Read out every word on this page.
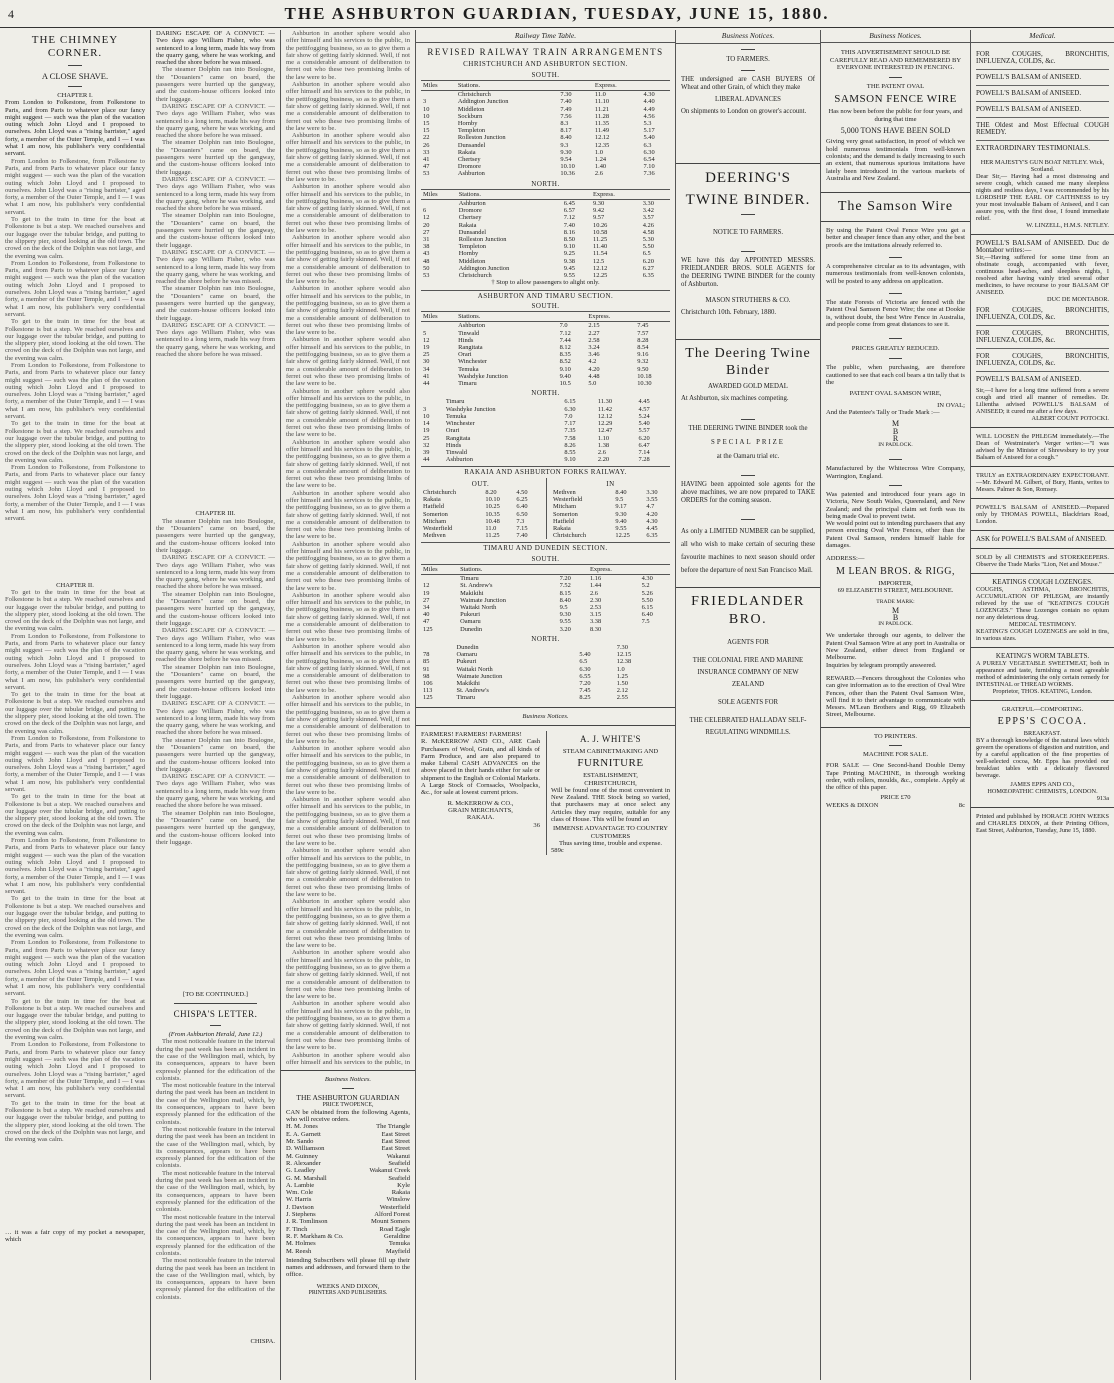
4	THE ASHBURTON GUARDIAN, TUESDAY, JUNE 15, 1880.
THE CHIMNEY CORNER.
A CLOSE SHAVE.
CHAPTER I.

From London to Folkestone, from Folkestone to Paris, and from Paris to whatever place our fancy might suggest — such was the plan of the vacation outing which John Lloyd and I proposed to ourselves. John Lloyd was a "rising barrister," aged forty, a member of the Outer Temple, and I — I was what I am now, his publisher's very confidential servant.

From London to Folkestone, from Folkestone to Paris, and from Paris to whatever place our fancy might suggest — such was the plan of the vacation outing which John Lloyd and I proposed to ourselves. John Lloyd was a "rising barrister," aged forty, a member of the Outer Temple, and I — I was what I am now, his publisher's very confidential servant.

To get to the train in time for the boat at Folkestone is but a step. We reached ourselves and our luggage over the tubular bridge, and putting to the slippery pier, stood looking at the old town. The crowd on the deck of the Dolphin was not large, and the evening was calm.

From London to Folkestone, from Folkestone to Paris, and from Paris to whatever place our fancy might suggest — such was the plan of the vacation outing which John Lloyd and I proposed to ourselves. John Lloyd was a "rising barrister," aged forty, a member of the Outer Temple, and I — I was what I am now, his publisher's very confidential servant.

To get to the train in time for the boat at Folkestone is but a step. We reached ourselves and our luggage over the tubular bridge, and putting to the slippery pier, stood looking at the old town. The crowd on the deck of the Dolphin was not large, and the evening was calm.

From London to Folkestone, from Folkestone to Paris, and from Paris to whatever place our fancy might suggest — such was the plan of the vacation outing which John Lloyd and I proposed to ourselves. John Lloyd was a "rising barrister," aged forty, a member of the Outer Temple, and I — I was what I am now, his publisher's very confidential servant.

To get to the train in time for the boat at Folkestone is but a step. We reached ourselves and our luggage over the tubular bridge, and putting to the slippery pier, stood looking at the old town. The crowd on the deck of the Dolphin was not large, and the evening was calm.

From London to Folkestone, from Folkestone to Paris, and from Paris to whatever place our fancy might suggest — such was the plan of the vacation outing which John Lloyd and I proposed to ourselves. John Lloyd was a "rising barrister," aged forty, a member of the Outer Temple, and I — I was what I am now, his publisher's very confidential servant.

CHAPTER II.

To get to the train in time for the boat at Folkestone is but a step. We reached ourselves and our luggage over the tubular bridge, and putting to the slippery pier, stood looking at the old town. The crowd on the deck of the Dolphin was not large, and the evening was calm.

From London to Folkestone, from Folkestone to Paris, and from Paris to whatever place our fancy might suggest — such was the plan of the vacation outing which John Lloyd and I proposed to ourselves. John Lloyd was a "rising barrister," aged forty, a member of the Outer Temple, and I — I was what I am now, his publisher's very confidential servant.

To get to the train in time for the boat at Folkestone is but a step. We reached ourselves and our luggage over the tubular bridge, and putting to the slippery pier, stood looking at the old town. The crowd on the deck of the Dolphin was not large, and the evening was calm.

From London to Folkestone, from Folkestone to Paris, and from Paris to whatever place our fancy might suggest — such was the plan of the vacation outing which John Lloyd and I proposed to ourselves. John Lloyd was a "rising barrister," aged forty, a member of the Outer Temple, and I — I was what I am now, his publisher's very confidential servant.

To get to the train in time for the boat at Folkestone is but a step. We reached ourselves and our luggage over the tubular bridge, and putting to the slippery pier, stood looking at the old town. The crowd on the deck of the Dolphin was not large, and the evening was calm.

From London to Folkestone, from Folkestone to Paris, and from Paris to whatever place our fancy might suggest — such was the plan of the vacation outing which John Lloyd and I proposed to ourselves. John Lloyd was a "rising barrister," aged forty, a member of the Outer Temple, and I — I was what I am now, his publisher's very confidential servant.

To get to the train in time for the boat at Folkestone is but a step. We reached ourselves and our luggage over the tubular bridge, and putting to the slippery pier, stood looking at the old town. The crowd on the deck of the Dolphin was not large, and the evening was calm.

From London to Folkestone, from Folkestone to Paris, and from Paris to whatever place our fancy might suggest — such was the plan of the vacation outing which John Lloyd and I proposed to ourselves. John Lloyd was a "rising barrister," aged forty, a member of the Outer Temple, and I — I was what I am now, his publisher's very confidential servant.

To get to the train in time for the boat at Folkestone is but a step. We reached ourselves and our luggage over the tubular bridge, and putting to the slippery pier, stood looking at the old town. The crowd on the deck of the Dolphin was not large, and the evening was calm.

From London to Folkestone, from Folkestone to Paris, and from Paris to whatever place our fancy might suggest — such was the plan of the vacation outing which John Lloyd and I proposed to ourselves. John Lloyd was a "rising barrister," aged forty, a member of the Outer Temple, and I — I was what I am now, his publisher's very confidential servant.

To get to the train in time for the boat at Folkestone is but a step. We reached ourselves and our luggage over the tubular bridge, and putting to the slippery pier, stood looking at the old town. The crowd on the deck of the Dolphin was not large, and the evening was calm.

… it was a fair copy of my pocket a newspaper, which

DARING ESCAPE OF A CONVICT. — Two days ago William Fisher, who was sentenced to a long term, made his way from the quarry gang, where he was working, and reached the shore before he was missed.

The steamer Dolphin ran into Boulogne, the "Douaniers" came on board, the passengers were hurried up the gangway, and the custom-house officers looked into their luggage.

DARING ESCAPE OF A CONVICT. — Two days ago William Fisher, who was sentenced to a long term, made his way from the quarry gang, where he was working, and reached the shore before he was missed.

The steamer Dolphin ran into Boulogne, the "Douaniers" came on board, the passengers were hurried up the gangway, and the custom-house officers looked into their luggage.

DARING ESCAPE OF A CONVICT. — Two days ago William Fisher, who was sentenced to a long term, made his way from the quarry gang, where he was working, and reached the shore before he was missed.

The steamer Dolphin ran into Boulogne, the "Douaniers" came on board, the passengers were hurried up the gangway, and the custom-house officers looked into their luggage.

DARING ESCAPE OF A CONVICT. — Two days ago William Fisher, who was sentenced to a long term, made his way from the quarry gang, where he was working, and reached the shore before he was missed.

The steamer Dolphin ran into Boulogne, the "Douaniers" came on board, the passengers were hurried up the gangway, and the custom-house officers looked into their luggage.

DARING ESCAPE OF A CONVICT. — Two days ago William Fisher, who was sentenced to a long term, made his way from the quarry gang, where he was working, and reached the shore before he was missed.

CHAPTER III.

The steamer Dolphin ran into Boulogne, the "Douaniers" came on board, the passengers were hurried up the gangway, and the custom-house officers looked into their luggage.

DARING ESCAPE OF A CONVICT. — Two days ago William Fisher, who was sentenced to a long term, made his way from the quarry gang, where he was working, and reached the shore before he was missed.

The steamer Dolphin ran into Boulogne, the "Douaniers" came on board, the passengers were hurried up the gangway, and the custom-house officers looked into their luggage.

DARING ESCAPE OF A CONVICT. — Two days ago William Fisher, who was sentenced to a long term, made his way from the quarry gang, where he was working, and reached the shore before he was missed.

The steamer Dolphin ran into Boulogne, the "Douaniers" came on board, the passengers were hurried up the gangway, and the custom-house officers looked into their luggage.

DARING ESCAPE OF A CONVICT. — Two days ago William Fisher, who was sentenced to a long term, made his way from the quarry gang, where he was working, and reached the shore before he was missed.

The steamer Dolphin ran into Boulogne, the "Douaniers" came on board, the passengers were hurried up the gangway, and the custom-house officers looked into their luggage.

DARING ESCAPE OF A CONVICT. — Two days ago William Fisher, who was sentenced to a long term, made his way from the quarry gang, where he was working, and reached the shore before he was missed.

The steamer Dolphin ran into Boulogne, the "Douaniers" came on board, the passengers were hurried up the gangway, and the custom-house officers looked into their luggage.

[TO BE CONTINUED.]
CHISPA'S LETTER.
(From Ashburton Herald, June 12.)

The most noticeable feature in the interval during the past week has been an incident in the case of the Wellington mail, which, by its consequences, appears to have been expressly planned for the edification of the colonists.

The most noticeable feature in the interval during the past week has been an incident in the case of the Wellington mail, which, by its consequences, appears to have been expressly planned for the edification of the colonists.

The most noticeable feature in the interval during the past week has been an incident in the case of the Wellington mail, which, by its consequences, appears to have been expressly planned for the edification of the colonists.

The most noticeable feature in the interval during the past week has been an incident in the case of the Wellington mail, which, by its consequences, appears to have been expressly planned for the edification of the colonists.

The most noticeable feature in the interval during the past week has been an incident in the case of the Wellington mail, which, by its consequences, appears to have been expressly planned for the edification of the colonists.

The most noticeable feature in the interval during the past week has been an incident in the case of the Wellington mail, which, by its consequences, appears to have been expressly planned for the edification of the colonists.

CHISPA.

Ashburton in another sphere would also offer himself and his services to the public, in the pettifogging business, so as to give them a fair show of getting fairly skinned. Well, if not me a considerable amount of deliberation to ferret out who these two promising limbs of the law were to be.

Ashburton in another sphere would also offer himself and his services to the public, in the pettifogging business, so as to give them a fair show of getting fairly skinned. Well, if not me a considerable amount of deliberation to ferret out who these two promising limbs of the law were to be.

Ashburton in another sphere would also offer himself and his services to the public, in the pettifogging business, so as to give them a fair show of getting fairly skinned. Well, if not me a considerable amount of deliberation to ferret out who these two promising limbs of the law were to be.

Ashburton in another sphere would also offer himself and his services to the public, in the pettifogging business, so as to give them a fair show of getting fairly skinned. Well, if not me a considerable amount of deliberation to ferret out who these two promising limbs of the law were to be.

Ashburton in another sphere would also offer himself and his services to the public, in the pettifogging business, so as to give them a fair show of getting fairly skinned. Well, if not me a considerable amount of deliberation to ferret out who these two promising limbs of the law were to be.

Ashburton in another sphere would also offer himself and his services to the public, in the pettifogging business, so as to give them a fair show of getting fairly skinned. Well, if not me a considerable amount of deliberation to ferret out who these two promising limbs of the law were to be.

Ashburton in another sphere would also offer himself and his services to the public, in the pettifogging business, so as to give them a fair show of getting fairly skinned. Well, if not me a considerable amount of deliberation to ferret out who these two promising limbs of the law were to be.

Ashburton in another sphere would also offer himself and his services to the public, in the pettifogging business, so as to give them a fair show of getting fairly skinned. Well, if not me a considerable amount of deliberation to ferret out who these two promising limbs of the law were to be.

Ashburton in another sphere would also offer himself and his services to the public, in the pettifogging business, so as to give them a fair show of getting fairly skinned. Well, if not me a considerable amount of deliberation to ferret out who these two promising limbs of the law were to be.

Ashburton in another sphere would also offer himself and his services to the public, in the pettifogging business, so as to give them a fair show of getting fairly skinned. Well, if not me a considerable amount of deliberation to ferret out who these two promising limbs of the law were to be.

Ashburton in another sphere would also offer himself and his services to the public, in the pettifogging business, so as to give them a fair show of getting fairly skinned. Well, if not me a considerable amount of deliberation to ferret out who these two promising limbs of the law were to be.

Ashburton in another sphere would also offer himself and his services to the public, in the pettifogging business, so as to give them a fair show of getting fairly skinned. Well, if not me a considerable amount of deliberation to ferret out who these two promising limbs of the law were to be.

Ashburton in another sphere would also offer himself and his services to the public, in the pettifogging business, so as to give them a fair show of getting fairly skinned. Well, if not me a considerable amount of deliberation to ferret out who these two promising limbs of the law were to be.

Ashburton in another sphere would also offer himself and his services to the public, in the pettifogging business, so as to give them a fair show of getting fairly skinned. Well, if not me a considerable amount of deliberation to ferret out who these two promising limbs of the law were to be.

Ashburton in another sphere would also offer himself and his services to the public, in the pettifogging business, so as to give them a fair show of getting fairly skinned. Well, if not me a considerable amount of deliberation to ferret out who these two promising limbs of the law were to be.

Ashburton in another sphere would also offer himself and his services to the public, in the pettifogging business, so as to give them a fair show of getting fairly skinned. Well, if not me a considerable amount of deliberation to ferret out who these two promising limbs of the law were to be.

Ashburton in another sphere would also offer himself and his services to the public, in the pettifogging business, so as to give them a fair show of getting fairly skinned. Well, if not me a considerable amount of deliberation to ferret out who these two promising limbs of the law were to be.

Ashburton in another sphere would also offer himself and his services to the public, in the pettifogging business, so as to give them a fair show of getting fairly skinned. Well, if not me a considerable amount of deliberation to ferret out who these two promising limbs of the law were to be.

Ashburton in another sphere would also offer himself and his services to the public, in the pettifogging business, so as to give them a fair show of getting fairly skinned. Well, if not me a considerable amount of deliberation to ferret out who these two promising limbs of the law were to be.

Ashburton in another sphere would also offer himself and his services to the public, in the pettifogging business, so as to give them a fair show of getting fairly skinned. Well, if not me a considerable amount of deliberation to ferret out who these two promising limbs of the law were to be.

Ashburton in another sphere would also offer himself and his services to the public, in

Business Notices.
THE ASHBURTON GUARDIAN
PRICE TWOPENCE,

CAN be obtained from the following Agents, who will receive orders.

H. M. Jones	The Triangle
E. A. Garnett	East Street
Mr. Sando	East Street
D. Williamson	East Street
M. Guinney	Wakanui
R. Alexander	Seafield
G. Leadley	Wakanui Creek
G. M. Marshall	Seafield
A. Lambie	Kyle
Wm. Cole	Rakaia
W. Harris	Winslow
J. Davison	Westerfield
J. Stephens	Alford Forest
J. R. Tomlinson	Mount Somers
F. Tinch	Road Eagle
R. F. Markham & Co.	Geraldine
M. Holmes	Temuka
M. Reesh	Mayfield

Intending Subscribers will please fill up their names and addresses, and forward them to the office.

WEEKS AND DIXON,
PRINTERS AND PUBLISHERS.
Railway Time Table.
REVISED RAILWAY TRAIN ARRANGEMENTS
CHRISTCHURCH AND ASHBURTON SECTION.
SOUTH.
Miles	Stations.		Express.	
	Christchurch	7.30	11.0	4.30
3	Addington Junction	7.40	11.10	4.40
10	Middleton	7.49	11.21	4.49
10	Sockburn	7.56	11.28	4.56
15	Hornby	8.3	11.35	5.3
15	Templeton	8.17	11.49	5.17
22	Rolleston Junction	8.40	12.12	5.40
26	Dunsandel	9.3	12.35	6.3
33	Rakaia	9.30	1.0	6.30
41	Chertsey	9.54	1.24	6.54
47	Dromore	10.10	1.40	7.10
53	Ashburton	10.36	2.6	7.36
NORTH.
Miles	Stations.		Express.	
	Ashburton	6.45	9.30	3.30
6	Dromore	6.57	9.42	3.42
12	Chertsey	7.12	9.57	3.57
20	Rakaia	7.40	10.26	4.26
27	Dunsandel	8.16	10.58	4.58
31	Rolleston Junction	8.50	11.25	5.30
38	Templeton	9.10	11.40	5.50
43	Hornby	9.25	11.54	6.5
48	Middleton	9.38	12.5	6.20
50	Addington Junction	9.45	12.12	6.27
53	Christchurch	9.55	12.25	6.35
† Stop to allow passengers to alight only.
ASHBURTON AND TIMARU SECTION.
SOUTH.
Miles	Stations.		Express.	
	Ashburton	7.0	2.15	7.45
5	Tinwald	7.12	2.27	7.57
12	Hinds	7.44	2.58	8.28
19	Rangitata	8.12	3.24	8.54
25	Orari	8.35	3.46	9.16
30	Winchester	8.52	4.2	9.32
34	Temuka	9.10	4.20	9.50
41	Washdyke Junction	9.40	4.48	10.18
44	Timaru	10.5	5.0	10.30
NORTH.
	Timaru	6.15	11.30	4.45
3	Washdyke Junction	6.30	11.42	4.57
10	Temuka	7.0	12.12	5.24
14	Winchester	7.17	12.29	5.40
19	Orari	7.35	12.47	5.57
25	Rangitata	7.58	1.10	6.20
32	Hinds	8.26	1.38	6.47
39	Tinwald	8.55	2.6	7.14
44	Ashburton	9.10	2.20	7.28
RAKAIA AND ASHBURTON FORKS RAILWAY.
OUT.
Christchurch	8.20	4.50
Rakaia	10.10	6.25
Hatfield	10.25	6.40
Somerton	10.35	6.50
Mitcham	10.48	7.3
Westerfield	11.0	7.15
Methven	11.25	7.40
IN
Methven	8.40	3.30
Westerfield	9.5	3.55
Mitcham	9.17	4.7
Somerton	9.30	4.20
Hatfield	9.40	4.30
Rakaia	9.55	4.45
Christchurch	12.25	6.35
TIMARU AND DUNEDIN SECTION.
SOUTH.
Miles	Stations.		Express.	
	Timaru	7.20	1.16	4.30
12	St. Andrew's	7.52	1.44	5.2
19	Makikihi	8.15	2.6	5.26
27	Waimate Junction	8.40	2.30	5.50
34	Waitaki North	9.5	2.53	6.15
40	Pukeuri	9.30	3.15	6.40
47	Oamaru	9.55	3.38	7.5
125	Dunedin	3.20	8.30	
NORTH.
	Dunedin		7.30	
78	Oamaru	5.40	12.15	
85	Pukeuri	6.5	12.38	
91	Waitaki North	6.30	1.0	
98	Waimate Junction	6.55	1.25	
106	Makikihi	7.20	1.50	
113	St. Andrew's	7.45	2.12	
125	Timaru	8.25	2.55	
Business Notices.
FARMERS! FARMERS! FARMERS!

R. McKERROW AND CO., ARE Cash Purchasers of Wool, Grain, and all kinds of Farm Produce, and are also prepared to make Liberal CASH ADVANCES on the above placed in their hands either for sale or shipment to the English or Colonial Markets. A Large Stock of Cornsacks, Woolpacks, &c., for sale at lowest current prices.

R. McKERROW & CO.,
GRAIN MERCHANTS,
RAKAIA.
36
A. J. WHITE'S
STEAM CABINETMAKING AND
FURNITURE
ESTABLISHMENT,
CHRISTCHURCH,

Will be found one of the most convenient in New Zealand. THE Stock being so varied, that purchasers may at once select any Articles they may require, suitable for any class of House. This will be found an

IMMENSE ADVANTAGE TO COUNTRY CUSTOMERS
Thus saving time, trouble and expense.
589c
Business Notices.
TO FARMERS.

THE undersigned are CASH BUYERS Of Wheat and other Grain, of which they make

LIBERAL ADVANCES

On shipments to London on grower's account.

DEERING'S
TWINE BINDER.
NOTICE TO FARMERS.

WE have this day APPOINTED MESSRS. FRIEDLANDER BROS. SOLE AGENTS for the DEERING TWINE BINDER for the county of Ashburton.

MASON STRUTHERS & CO.

Christchurch 10th. February, 1880.

The Deering Twine Binder
AWARDED GOLD MEDAL

At Ashburton, six machines competing.

THE DEERING TWINE BINDER took the
SPECIAL PRIZE
at the Oamaru trial etc.

HAVING been appointed sole agents for the above machines, we are now prepared to TAKE ORDERS for the coming season.

As only a LIMITED NUMBER can be supplied, all who wish to make certain of securing these favourite machines to next season should order before the departure of next San Francisco Mail.

FRIEDLANDER BRO.
AGENTS FOR
THE COLONIAL FIRE AND MARINE INSURANCE COMPANY OF NEW ZEALAND
SOLE AGENTS FOR
THE CELEBRATED HALLADAY SELF-REGULATING WINDMILLS.
Business Notices.

THIS ADVERTISEMENT SHOULD BE CAREFULLY READ AND REMEMBERED BY EVERYONE INTERESTED IN FENCING.

THE PATENT OVAL
SAMSON FENCE WIRE

Has now been before the public for four years, and during that time

5,000 TONS HAVE BEEN SOLD

Giving very great satisfaction, in proof of which we hold numerous testimonials from well-known colonists; and the demand is daily increasing to such an extent, that numerous spurious imitations have lately been introduced in the various markets of Australia and New Zealand.

The Samson Wire

By using the Patent Oval Fence Wire you get a better and cheaper fence than any other, and the best proofs are the imitations already referred to.

A comprehensive circular as to its advantages, with numerous testimonials from well-known colonists, will be posted to any address on application.

The state Forests of Victoria are fenced with the Patent Oval Samson Fence Wire; the one at Dookie is, without doubt, the best Wire Fence in Australia, and people come from great distances to see it.

PRICES GREATLY REDUCED.

The public, when purchasing, are therefore cautioned to see that each coil bears a tin tally that is the

PATENT OVAL SAMSON WIRE,
IN OVAL;

And the Patentee's Tally or Trade Mark :—

M
B
R
IN PADLOCK.

Manufactured by the Whitecross Wire Company, Warrington, England.

Was patented and introduced four years ago in Victoria, New South Wales, Queensland, and New Zealand; and the principal claim set forth was its being made Oval to prevent twist.

We would point out to intending purchasers that any person erecting Oval Wire Fences, other than the Patent Oval Samson, renders himself liable for damages.

ADDRESS:—
M LEAN BROS. & RIGG,
IMPORTER,
69 ELIZABETH STREET, MELBOURNE.
TRADE MARK:
M
B
IN PADLOCK.

We undertake through our agents, to deliver the Patent Oval Samson Wire at any port in Australia or New Zealand, either direct from England or Melbourne.

Inquiries by telegram promptly answered.

REWARD.—Fencers throughout the Colonies who can give information as to the erection of Oval Wire Fences, other than the Patent Oval Samson Wire, will find it to their advantage to communicate with Messrs. M'Lean Brothers and Rigg, 69 Elizabeth Street, Melbourne.

TO PRINTERS.
MACHINE FOR SALE.

FOR SALE — One Second-hand Double Demy Tape Printing MACHINE, in thorough working order, with rollers, moulds, &c., complete. Apply at the office of this paper.

PRICE £70
WEEKS & DIXON	8c
Medical.
FOR COUGHS, BRONCHITIS, INFLUENZA, COLDS, &c.
POWELL'S BALSAM of ANISEED.
POWELL'S BALSAM of ANISEED.
POWELL'S BALSAM of ANISEED.
THE Oldest and Most Effectual COUGH REMEDY.
EXTRAORDINARY TESTIMONIALS.
HER MAJESTY'S GUN BOAT NETLEY. Wick, Scotland.

Dear Sir,— Having had a most distressing and severe cough, which caused me many sleepless nights and restless days, I was recommended by his LORDSHIP THE EARL OF CAITHNESS to try your most invaluable Balsam of Aniseed, and I can assure you, with the first dose, I found immediate relief.

W. LINZELL, H.M.S. NETLEY.
POWELL'S BALSAM of ANISEED. Duc de Montabor writes:—

Sir,—Having suffered for some time from an obstinate cough, accompanied with fever, continuous head-aches, and sleepless nights, I resolved after having vainly tried several other medicines, to have recourse to your BALSAM OF ANISEED.

DUC DE MONTABOR.
FOR COUGHS, BRONCHITIS, INFLUENZA, COLDS, &c.
FOR COUGHS, BRONCHITIS, INFLUENZA, COLDS, &c.
FOR COUGHS, BRONCHITIS, INFLUENZA, COLDS, &c.
POWELL'S BALSAM of ANISEED.

Sir,—I have for a long time suffered from a severe cough and tried all manner of remedies. Dr. Lilientha advised POWELL'S BALSAM of ANISEED; it cured me after a few days.

ALBERT COUNT POTOCKI.

WILL LOOSEN the PHLEGM immediately.—The Dean of Westminster's Verger writes:—"I was advised by the Minister of Shrewsbury to try your Balsam of Aniseed for a cough."

TRULY an EXTRAORDINARY EXPECTORANT.—Mr. Edward M. Gilbert, of Bury, Hants, writes to Messrs. Palmer & Son, Romsey.

POWELL'S BALSAM of ANISEED.—Prepared only by THOMAS POWELL, Blackfriars Road, London.

ASK for POWELL'S BALSAM of ANISEED.

SOLD by all CHEMISTS and STOREKEEPERS. Observe the Trade Marks "Lion, Net and Mouse."

KEATINGS COUGH LOZENGES.

COUGHS, ASTHMA, BRONCHITIS, ACCUMULATION OF PHLEGM, are instantly relieved by the use of "KEATING'S COUGH LOZENGES." These Lozenges contain no opium nor any deleterious drug.

MEDICAL TESTIMONY.

KEATING'S COUGH LOZENGES are sold in tins, in various sizes.

KEATING'S WORM TABLETS.

A PURELY VEGETABLE SWEETMEAT, both in appearance and taste, furnishing a most agreeable method of administering the only certain remedy for INTESTINAL or THREAD WORMS.

Proprietor, THOS. KEATING, London.
GRATEFUL—COMFORTING.
EPPS'S COCOA.
BREAKFAST.

BY a thorough knowledge of the natural laws which govern the operations of digestion and nutrition, and by a careful application of the fine properties of well-selected cocoa, Mr. Epps has provided our breakfast tables with a delicately flavoured beverage.

JAMES EPPS AND CO.,
HOMŒOPATHIC CHEMISTS, LONDON.
913a

Printed and published by HORACE JOHN WEEKS and CHARLES DIXON, at their Printing Offices, East Street, Ashburton, Tuesday, June 15, 1880.
